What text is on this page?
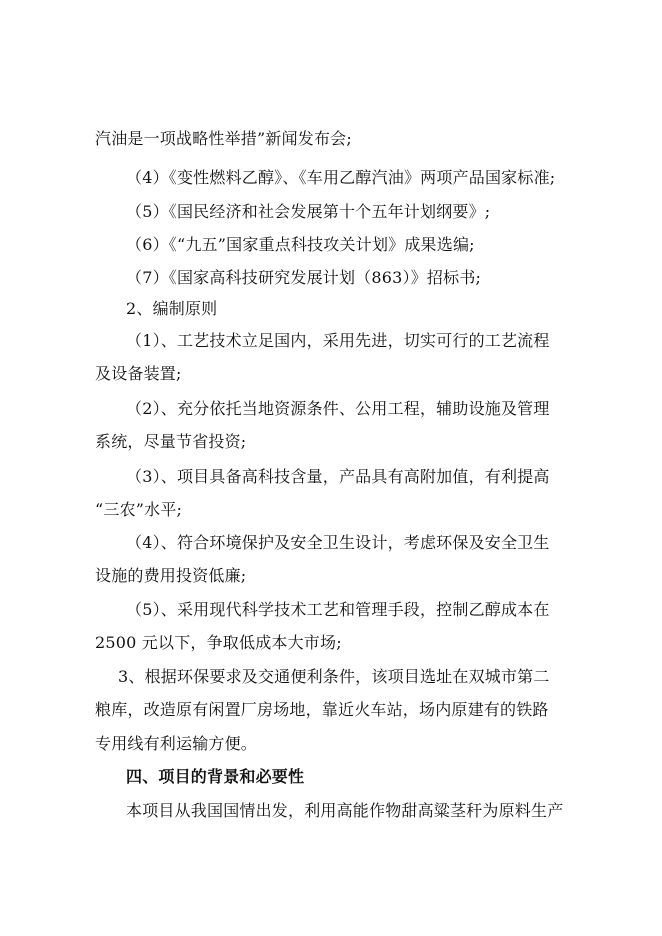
汽油是一项战略性举措”新闻发布会;
（4）《变性燃料乙醇》、《车用乙醇汽油》两项产品国家标准;
（5）《国民经济和社会发展第十个五年计划纲要》;
（6）《“九五”国家重点科技攻关计划》成果选编;
（7）《国家高科技研究发展计划（863）》招标书;
2、编制原则
（1）、工艺技术立足国内，采用先进，切实可行的工艺流程
及设备装置;
（2）、充分依托当地资源条件、公用工程，辅助设施及管理
系统，尽量节省投资;
（3）、项目具备高科技含量，产品具有高附加值，有利提高
“三农”水平;
（4）、符合环境保护及安全卫生设计，考虑环保及安全卫生
设施的费用投资低廉;
（5）、采用现代科学技术工艺和管理手段，控制乙醇成本在
2500 元以下，争取低成本大市场;
3、根据环保要求及交通便利条件，该项目选址在双城市第二
粮库，改造原有闲置厂房场地，靠近火车站，场内原建有的铁路
专用线有利运输方便。
四、项目的背景和必要性
本项目从我国国情出发，利用高能作物甜高粱茎秆为原料生产
